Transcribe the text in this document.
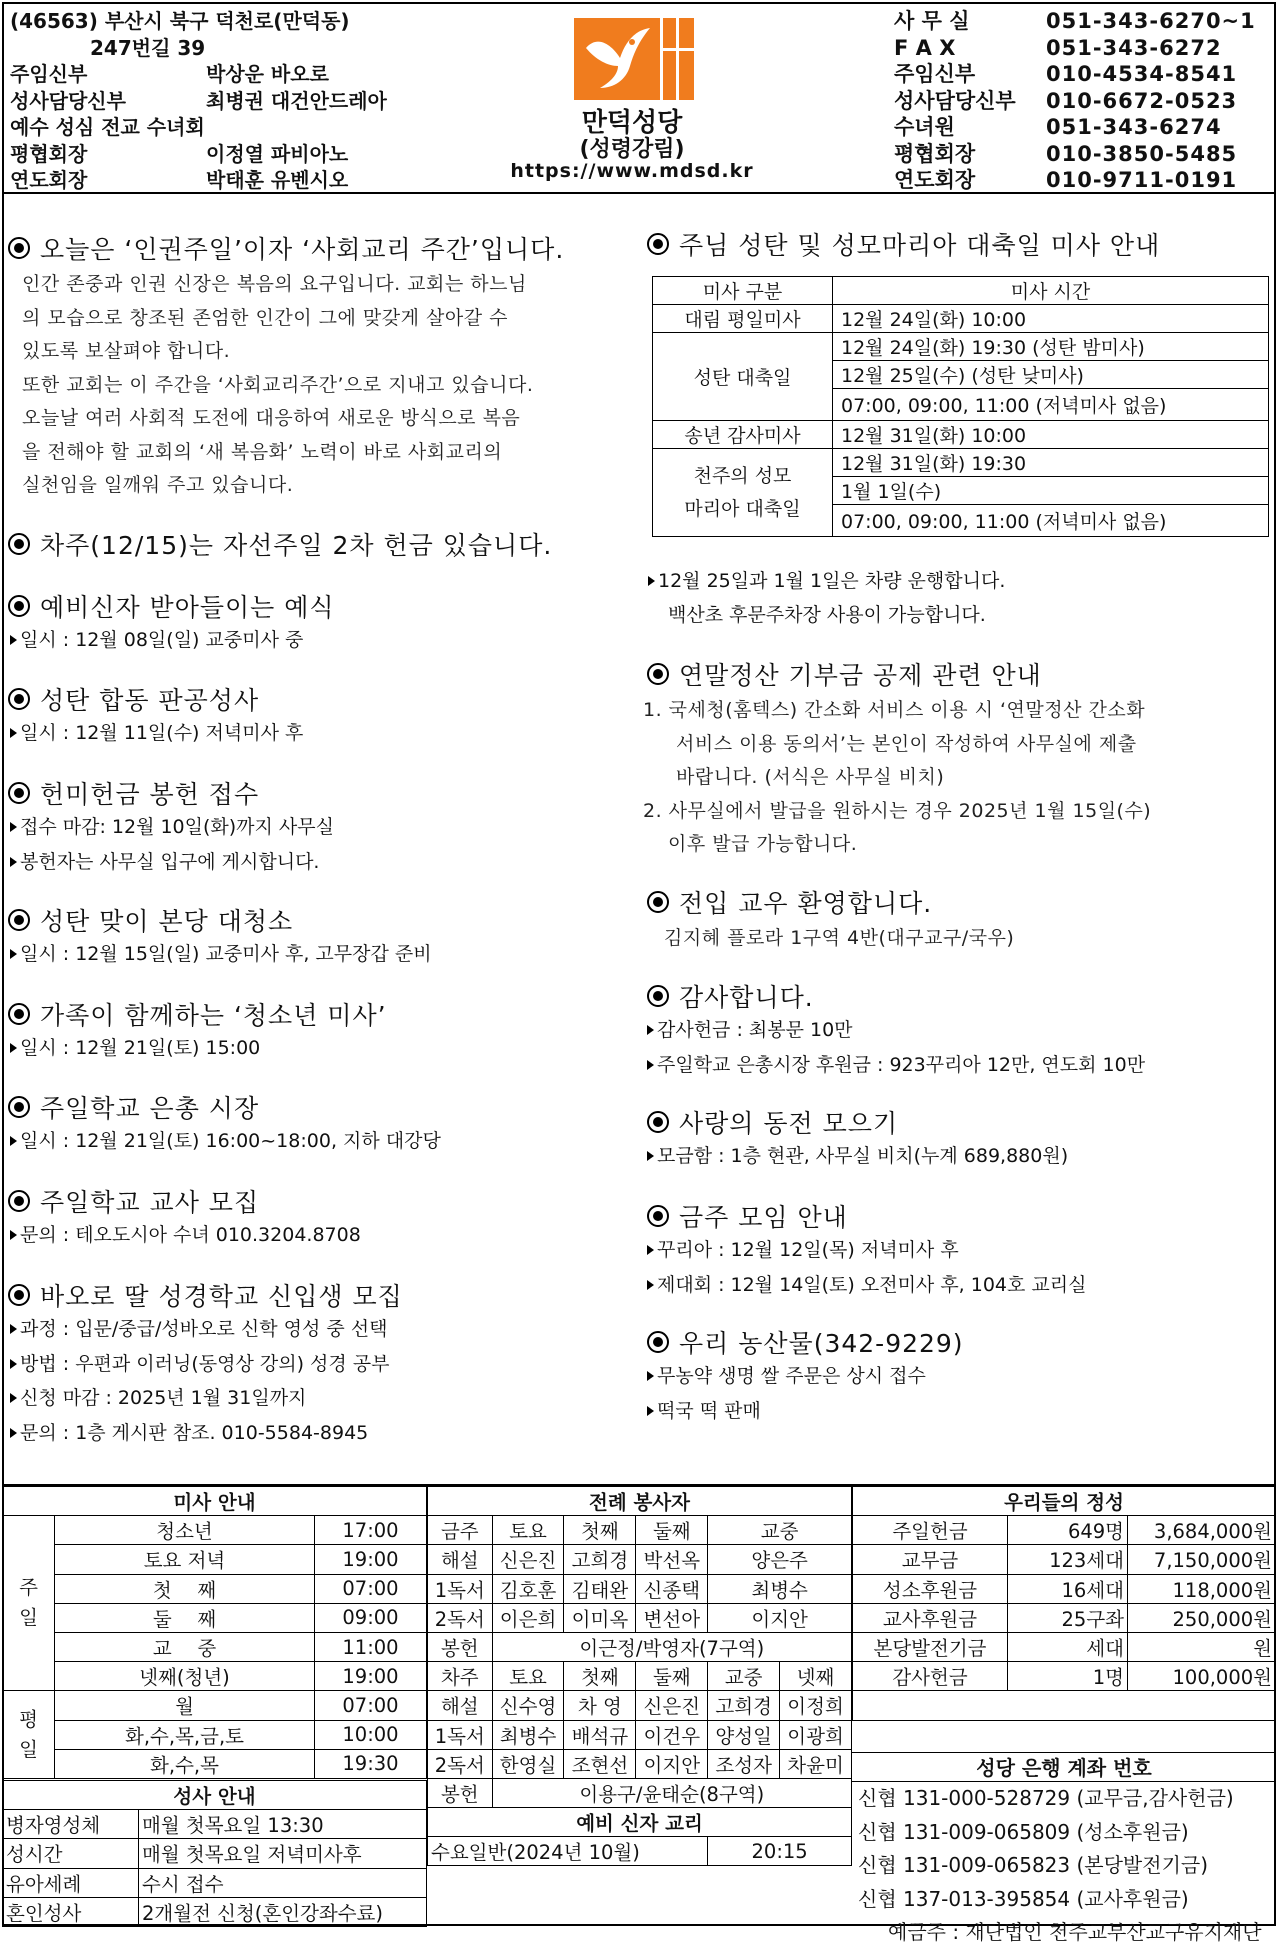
(46563) 부산시 북구 덕천로(만덕동)
　　　　247번길 39
주임신부	박상운 바오로
성사담당신부	최병권 대건안드레아
예수 성심 전교 수녀회
평협회장	이정열 파비아노
연도회장	박태훈 유벤시오
만덕성당
(성령강림)
https://www.mdsd.kr
사 무 실	051-343-6270~1
F A X	051-343-6272
주임신부	010-4534-8541
성사담당신부	010-6672-0523
수녀원	051-343-6274
평협회장	010-3850-5485
연도회장	010-9711-0191
오늘은 ‘인권주일’이자 ‘사회교리 주간’입니다.
인간 존중과 인권 신장은 복음의 요구입니다. 교회는 하느님
의 모습으로 창조된 존엄한 인간이 그에 맞갖게 살아갈 수
있도록 보살펴야 합니다.
또한 교회는 이 주간을 ‘사회교리주간’으로 지내고 있습니다.
오늘날 여러 사회적 도전에 대응하여 새로운 방식으로 복음
을 전해야 할 교회의 ‘새 복음화’ 노력이 바로 사회교리의
실천임을 일깨워 주고 있습니다.
차주(12/15)는 자선주일 2차 헌금 있습니다.
예비신자 받아들이는 예식
일시 : 12월 08일(일) 교중미사 중
성탄 합동 판공성사
일시 : 12월 11일(수) 저녁미사 후
헌미헌금 봉헌 접수
접수 마감: 12월 10일(화)까지 사무실
봉헌자는 사무실 입구에 게시합니다.
성탄 맞이 본당 대청소
일시 : 12월 15일(일) 교중미사 후, 고무장갑 준비
가족이 함께하는 ‘청소년 미사’
일시 : 12월 21일(토) 15:00
주일학교 은총 시장
일시 : 12월 21일(토) 16:00~18:00, 지하 대강당
주일학교 교사 모집
문의 : 테오도시아 수녀 010.3204.8708
바오로 딸 성경학교 신입생 모집
과정 : 입문/중급/성바오로 신학 영성 중 선택
방법 : 우편과 이러닝(동영상 강의) 성경 공부
신청 마감 : 2025년 1월 31일까지
문의 : 1층 게시판 참조. 010-5584-8945
주님 성탄 및 성모마리아 대축일 미사 안내
미사 구분	미사 시간
대림 평일미사	12월 24일(화) 10:00
성탄 대축일	12월 24일(화) 19:30 (성탄 밤미사)
	12월 25일(수) (성탄 낮미사)
	07:00, 09:00, 11:00 (저녁미사 없음)
송년 감사미사	12월 31일(화) 10:00

천주의 성모
마리아 대축일	12월 31일(화) 19:30
	1월 1일(수)
	07:00, 09:00, 11:00 (저녁미사 없음)
12월 25일과 1월 1일은 차량 운행합니다.
백산초 후문주차장 사용이 가능합니다.
연말정산 기부금 공제 관련 안내
1. 국세청(홈텍스) 간소화 서비스 이용 시 ‘연말정산 간소화
서비스 이용 동의서’는 본인이 작성하여 사무실에 제출
바랍니다. (서식은 사무실 비치)
2. 사무실에서 발급을 원하시는 경우 2025년 1월 15일(수)
이후 발급 가능합니다.
전입 교우 환영합니다.
김지혜 플로라 1구역 4반(대구교구/국우)
감사합니다.
감사헌금 : 최봉문 10만
주일학교 은총시장 후원금 : 923꾸리아 12만, 연도회 10만
사랑의 동전 모으기
모금함 : 1층 현관, 사무실 비치(누계 689,880원)
금주 모임 안내
꾸리아 : 12월 12일(목) 저녁미사 후
제대회 : 12월 14일(토) 오전미사 후, 104호 교리실
우리 농산물(342-9229)
무농약 생명 쌀 주문은 상시 접수
떡국 떡 판매
미사 안내		
주
일	청소년	17:00
	토요 저녁	19:00
	첫　 째	07:00
	둘　 째	09:00
	교　 중	11:00
	넷째(청년)	19:00
평
일	월	07:00
	화,수,목,금,토	10:00
	화,수,목	19:30
성사 안내	
병자영성체	매월 첫목요일 13:30
성시간	매월 첫목요일 저녁미사후
유아세례	수시 접수
혼인성사	2개월전 신청(혼인강좌수료)
전례 봉사자					
금주	토요	첫째	둘째	교중	
해설	신은진	고희경	박선옥	양은주	
1독서	김호훈	김태완	신종택	최병수	
2독서	이은희	이미옥	변선아	이지안	
봉헌	이근정/박영자(7구역)				
차주	토요	첫째	둘째	교중	넷째
해설	신수영	차 영	신은진	고희경	이정희
1독서	최병수	배석규	이건우	양성일	이광희
2독서	한영실	조현선	이지안	조성자	차윤미
봉헌	이용구/윤태순(8구역)				
예비 신자 교리					
수요일반(2024년 10월)				20:15	

우리들의 정성		
주일헌금	649명	3,684,000원
교무금	123세대	7,150,000원
성소후원금	16세대	118,000원
교사후원금	25구좌	250,000원
본당발전기금	세대	원
감사헌금	1명	100,000원

성당 은행 계좌 번호
신협 131-000-528729 (교무금,감사헌금)
신협 131-009-065809 (성소후원금)
신협 131-009-065823 (본당발전기금)
신협 137-013-395854 (교사후원금)
예금주 : 재단법인 천주교부산교구유지재단
